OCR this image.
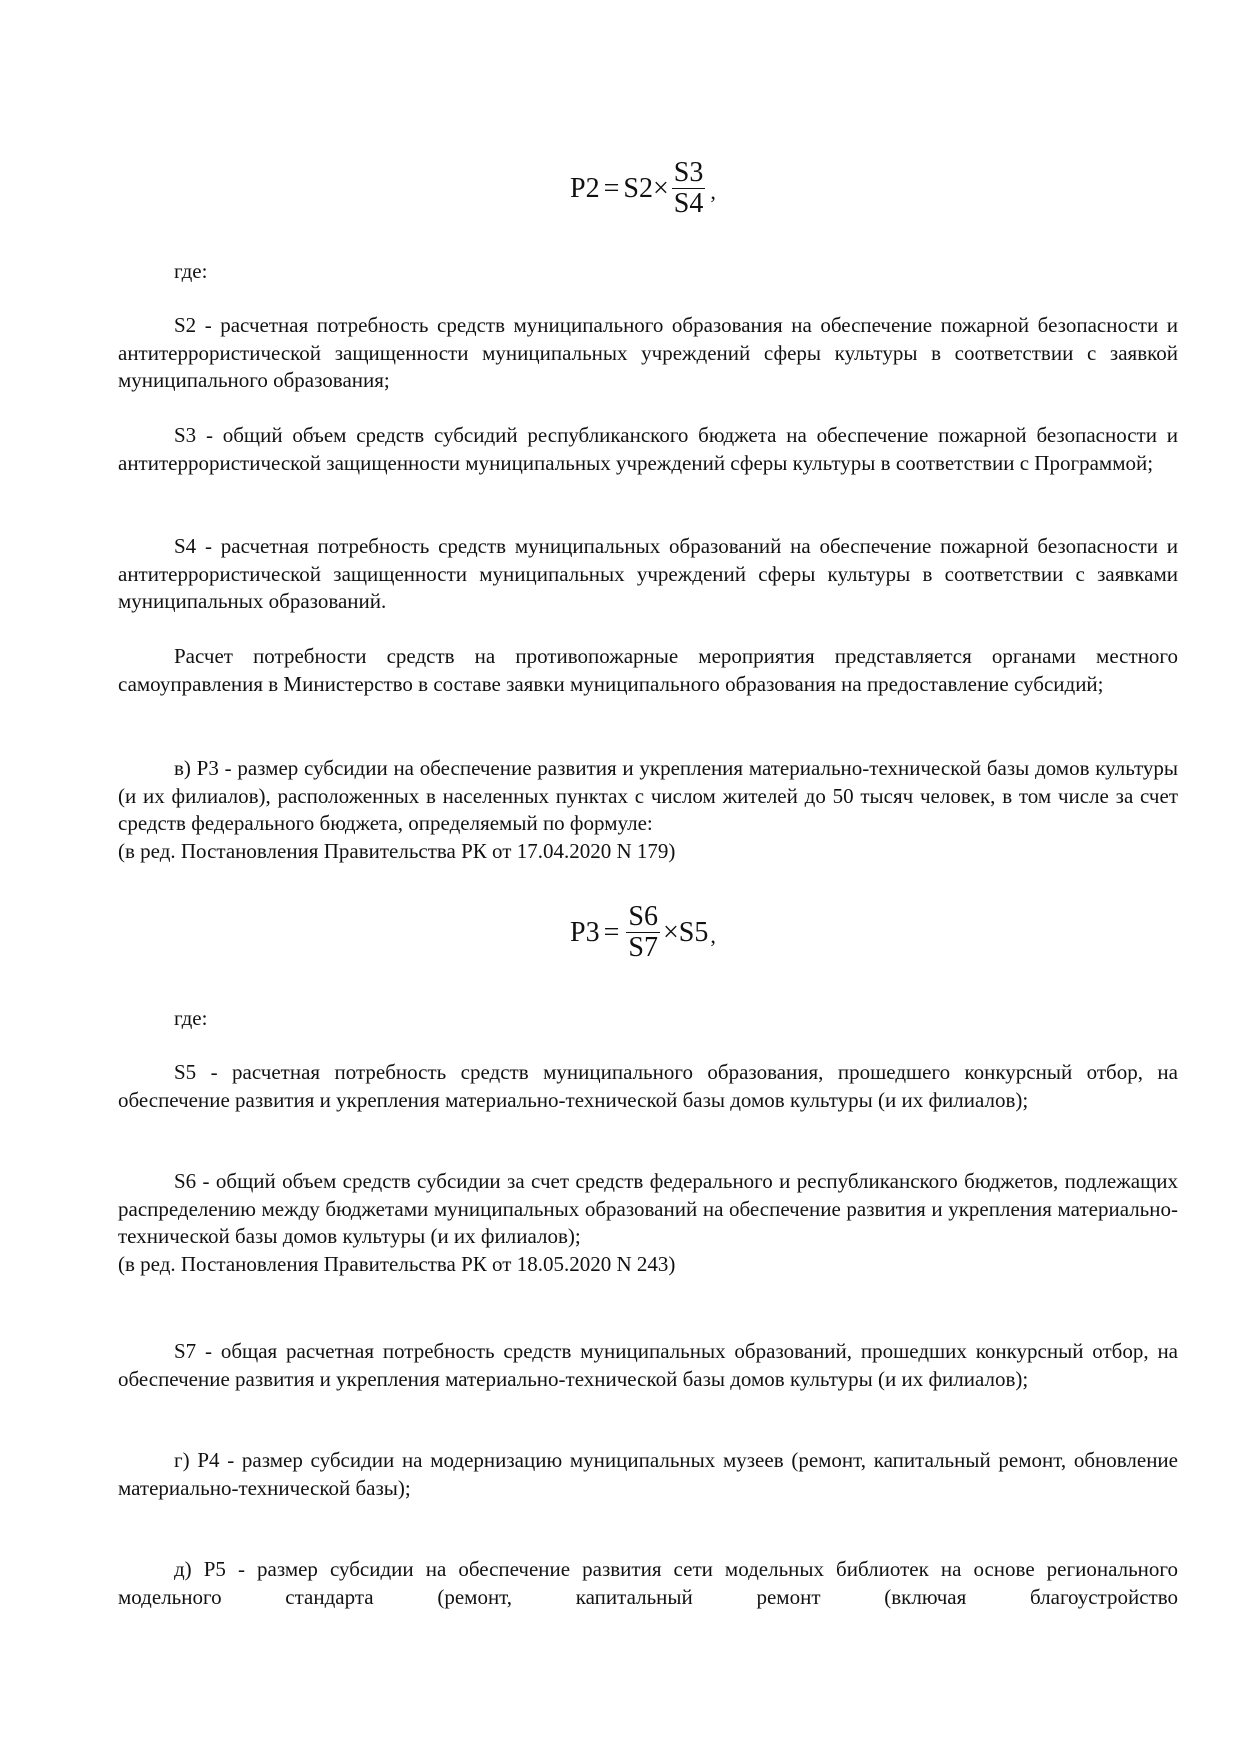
$P2 = S2 \times \frac{S3}{S4}$ ,
где:
S2 - расчетная потребность средств муниципального образования на обеспечение пожарной безопасности и антитеррористической защищенности муниципальных учреждений сферы культуры в соответствии с заявкой муниципального образования;
S3 - общий объем средств субсидий республиканского бюджета на обеспечение пожарной безопасности и антитеррористической защищенности муниципальных учреждений сферы культуры в соответствии с Программой;
S4 - расчетная потребность средств муниципальных образований на обеспечение пожарной безопасности и антитеррористической защищенности муниципальных учреждений сферы культуры в соответствии с заявками муниципальных образований.
Расчет потребности средств на противопожарные мероприятия представляется органами местного самоуправления в Министерство в составе заявки муниципального образования на предоставление субсидий;
в) P3 - размер субсидии на обеспечение развития и укрепления материально-технической базы домов культуры (и их филиалов), расположенных в населенных пунктах с числом жителей до 50 тысяч человек, в том числе за счет средств федерального бюджета, определяемый по формуле:
(в ред. Постановления Правительства РК от 17.04.2020 N 179)
$P3 = \frac{S6}{S7} \times S5$ ,
где:
S5 - расчетная потребность средств муниципального образования, прошедшего конкурсный отбор, на обеспечение развития и укрепления материально-технической базы домов культуры (и их филиалов);
S6 - общий объем средств субсидии за счет средств федерального и республиканского бюджетов, подлежащих распределению между бюджетами муниципальных образований на обеспечение развития и укрепления материально-технической базы домов культуры (и их филиалов);
(в ред. Постановления Правительства РК от 18.05.2020 N 243)
S7 - общая расчетная потребность средств муниципальных образований, прошедших конкурсный отбор, на обеспечение развития и укрепления материально-технической базы домов культуры (и их филиалов);
г) P4 - размер субсидии на модернизацию муниципальных музеев (ремонт, капитальный ремонт, обновление материально-технической базы);
д) P5 - размер субсидии на обеспечение развития сети модельных библиотек на основе регионального модельного стандарта (ремонт, капитальный ремонт (включая благоустройство
